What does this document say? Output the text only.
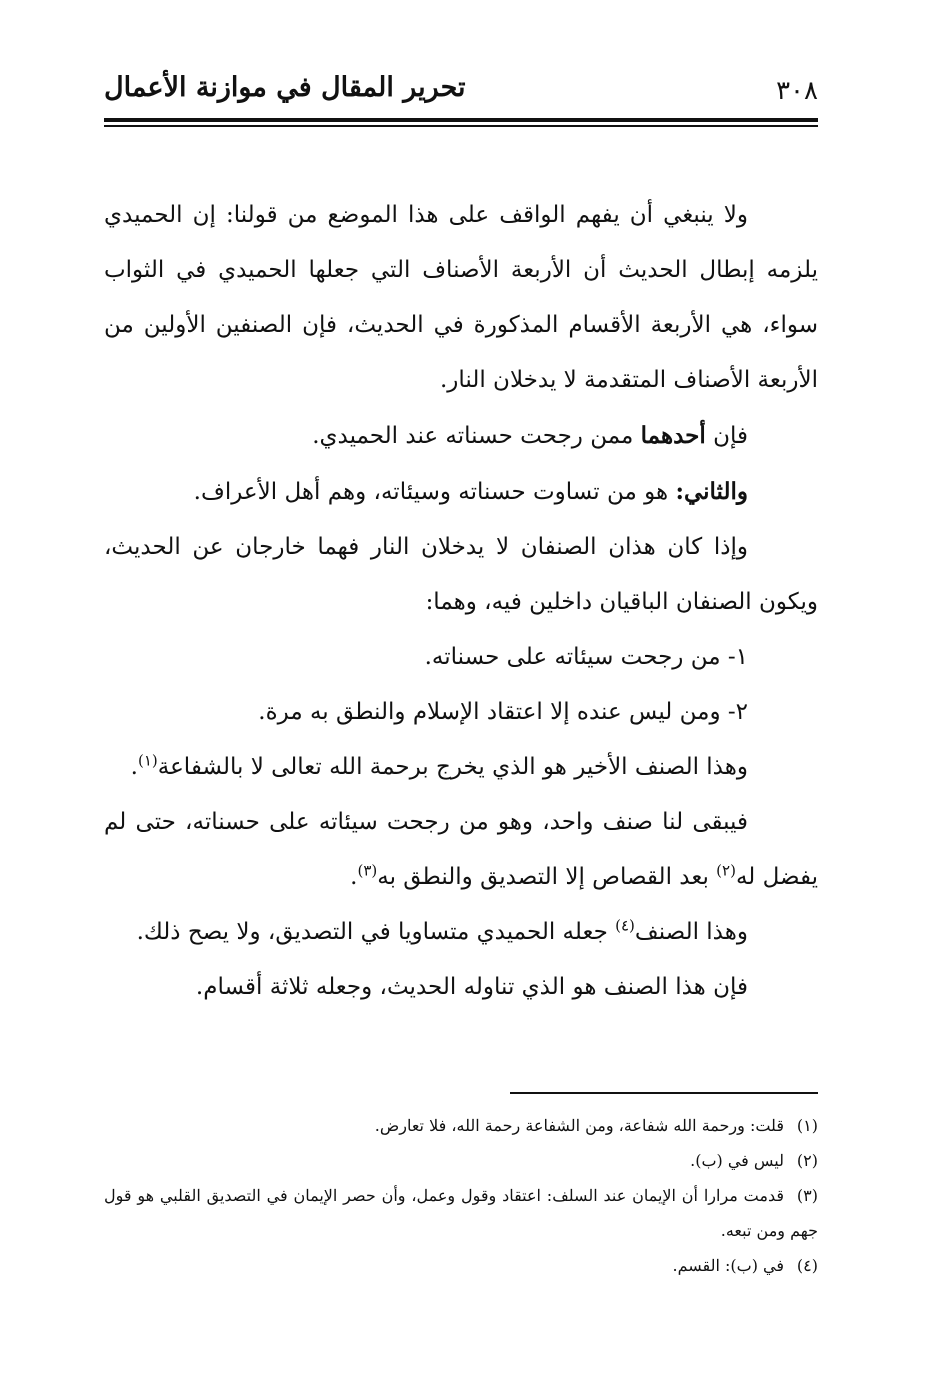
٣٠٨
تحرير المقال في موازنة الأعمال

ولا ينبغي أن يفهم الواقف على هذا الموضع من قولنا: إن الحميدي يلزمه إبطال الحديث أن الأربعة الأصناف التي جعلها الحميدي في الثواب سواء، هي الأربعة الأقسام المذكورة في الحديث، فإن الصنفين الأولين من الأربعة الأصناف المتقدمة لا يدخلان النار.

فإن أحدهما ممن رجحت حسناته عند الحميدي.

والثاني: هو من تساوت حسناته وسيئاته، وهم أهل الأعراف.

وإذا كان هذان الصنفان لا يدخلان النار فهما خارجان عن الحديث، ويكون الصنفان الباقيان داخلين فيه، وهما:

١- من رجحت سيئاته على حسناته.

٢- ومن ليس عنده إلا اعتقاد الإسلام والنطق به مرة.

وهذا الصنف الأخير هو الذي يخرج برحمة الله تعالى لا بالشفاعة$^{(١)}$.

فيبقى لنا صنف واحد، وهو من رجحت سيئاته على حسناته، حتى لم يفضل له$^{(٢)}$ بعد القصاص إلا التصديق والنطق به$^{(٣)}$.

وهذا الصنف$^{(٤)}$ جعله الحميدي متساويا في التصديق، ولا يصح ذلك.

فإن هذا الصنف هو الذي تناوله الحديث، وجعله ثلاثة أقسام.

(١)قلت: ورحمة الله شفاعة، ومن الشفاعة رحمة الله، فلا تعارض.

(٢)ليس في (ب).

(٣)قدمت مرارا أن الإيمان عند السلف: اعتقاد وقول وعمل، وأن حصر الإيمان في التصديق القلبي هو قول جهم ومن تبعه.

(٤)في (ب): القسم.
